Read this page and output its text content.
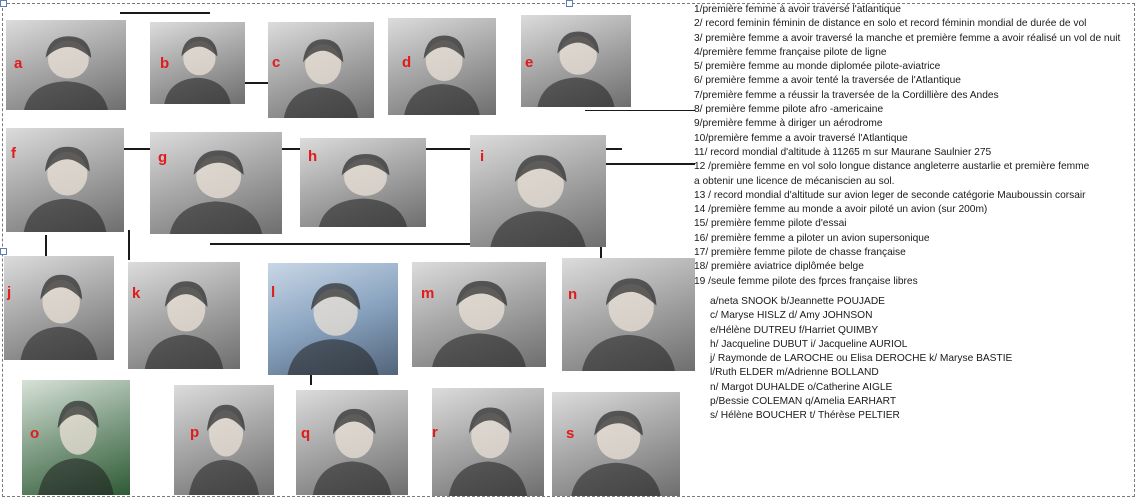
a	b	c	d	e
f	g	h	i
j	k	l	m	n
o	p	q	r	s
1/première femme à avoir traversé l'atlantique
2/ record feminin féminin de distance en solo et record féminin mondial de durée de vol
3/ première femme a avoir traversé la manche et première femme a avoir réalisé un vol de nuit
4/première femme française pilote de ligne
5/ première femme au monde diplomée pilote-aviatrice
6/ première femme a avoir tenté la traversée de l'Atlantique
7/première femme a réussir la traversée de la Cordillière des Andes
8/ première femme pilote afro -americaine
9/première femme à diriger un aérodrome
10/première femme a avoir traversé l'Atlantique
11/ record mondial d'altitude à 11265 m sur Maurane Saulnier 275
12 /première femme en vol solo longue distance angleterre austarlie et première femme
a obtenir une licence de mécaniscien au sol.
13 / record mondial d'altitude sur avion leger de seconde catégorie Mauboussin corsair
14 /première femme au monde a avoir piloté un avion (sur 200m)
15/ première femme pilote d'essai
16/ première femme a piloter un avion supersonique
17/ première femme pilote de chasse française
18/ première aviatrice diplômée belge
19 /seule femme pilote des fprces française libres
a/neta SNOOK b/Jeannette POUJADE
c/ Maryse HISLZ d/ Amy JOHNSON
e/Hélène DUTREU f/Harriet QUIMBY
h/ Jacqueline DUBUT i/ Jacqueline AURIOL
j/ Raymonde de LAROCHE ou Elisa DEROCHE k/ Maryse BASTIE
l/Ruth ELDER m/Adrienne BOLLAND
n/ Margot DUHALDE o/Catherine AIGLE
p/Bessie COLEMAN q/Amelia EARHART
s/ Hélène BOUCHER t/ Thérèse PELTIER
